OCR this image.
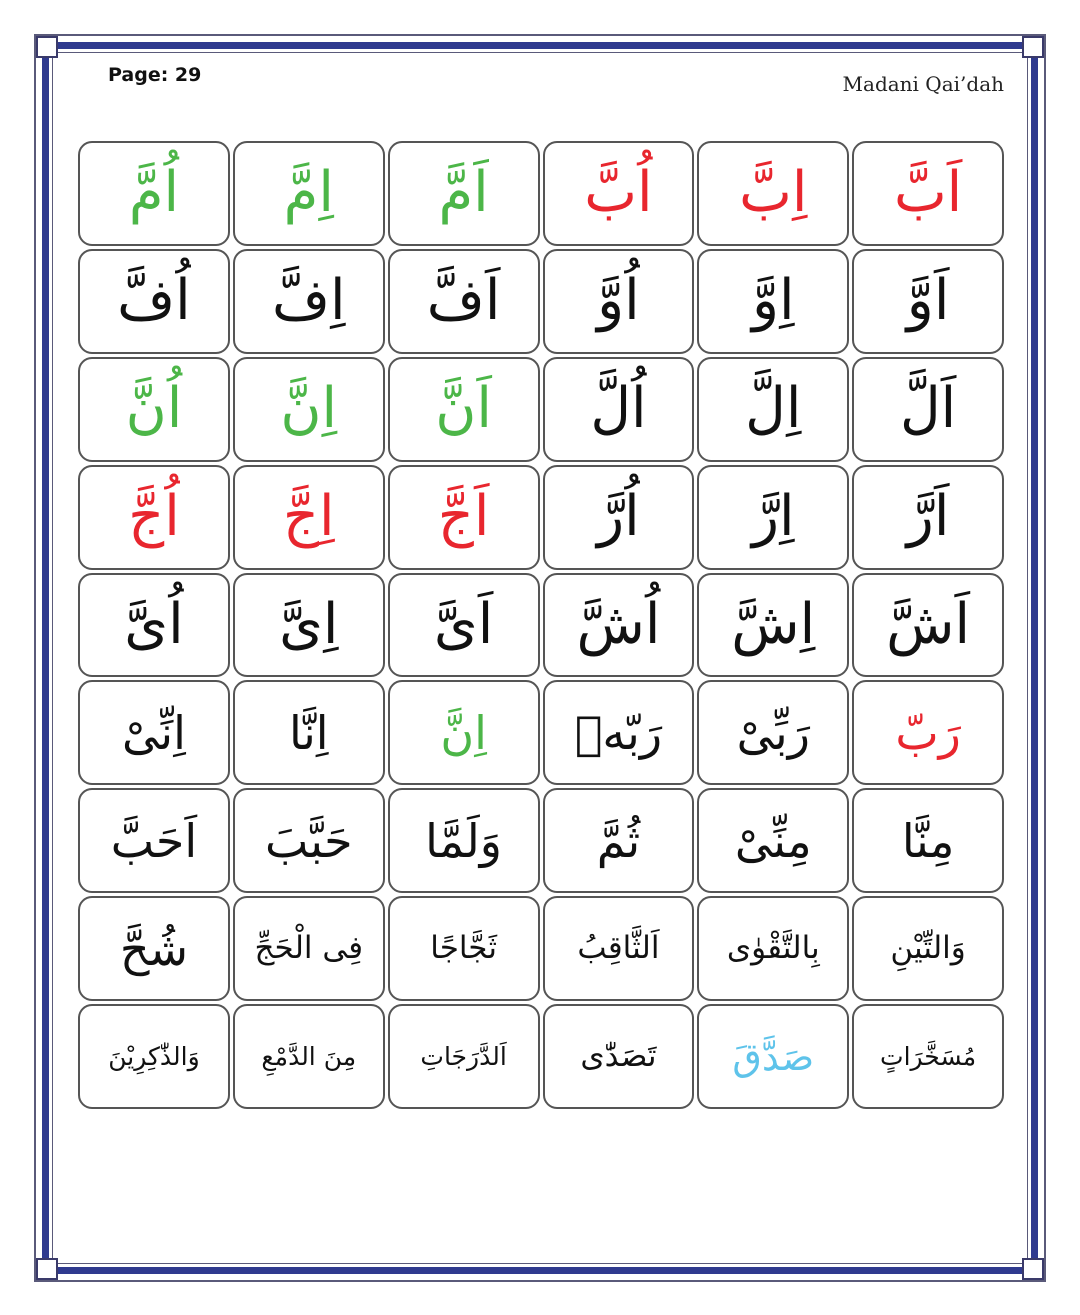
Page: 29	Madani Qai’dah
اَبَّ
اِبَّ
اُبَّ
اَمَّ
اِمَّ
اُمَّ
اَوَّ
اِوَّ
اُوَّ
اَفَّ
اِفَّ
اُفَّ
اَلَّ
اِلَّ
اُلَّ
اَنَّ
اِنَّ
اُنَّ
اَرَّ
اِرَّ
اُرَّ
اَجَّ
اِجَّ
اُجَّ
اَشَّ
اِشَّ
اُشَّ
اَىَّ
اِىَّ
اُىَّ
رَبّ
رَبِّىْ
رَبّهٖ
اِنَّ
اِنَّا
اِنِّىْ
مِنَّا
مِنِّىْ
ثُمَّ
وَلَمَّا
حَبَّبَ
اَحَبَّ
وَالتِّيْنِ
بِالتَّقْوٰى
اَلثَّاقِبُ
ثَجَّاجًا
فِى الْحَجِّ
شُحَّ
مُسَخَّرَاتٍ
صَدَّقَ
تَصَدّٰى
اَلدَّرَجَاتِ
مِنَ الدَّمْعِ
وَالذّٰكِرِيْنَ
